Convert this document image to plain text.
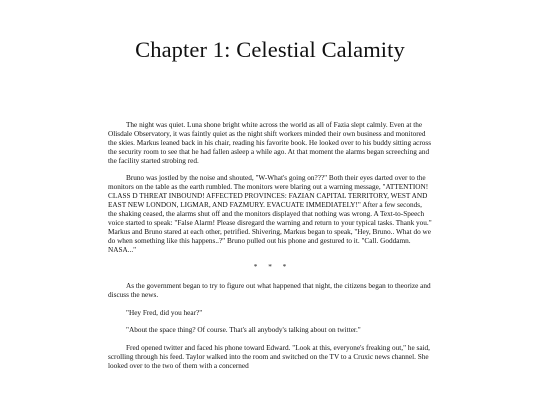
Chapter 1: Celestial Calamity

The night was quiet. Luna shone bright white across the world as all of Fazia slept calmly. Even at the Olisdale Observatory, it was faintly quiet as the night shift workers minded their own business and monitored the skies. Markus leaned back in his chair, reading his favorite book. He looked over to his buddy sitting across the security room to see that he had fallen asleep a while ago. At that moment the alarms began screeching and the facility started strobing red.

Bruno was jostled by the noise and shouted, "W-What's going on???" Both their eyes darted over to the monitors on the table as the earth rumbled. The monitors were blaring out a warning message, "ATTENTION! CLASS D THREAT INBOUND! AFFECTED PROVINCES: FAZIAN CAPITAL TERRITORY, WEST AND EAST NEW LONDON, LIGMAR, AND FAZMURY. EVACUATE IMMEDIATELY!" After a few seconds, the shaking ceased, the alarms shut off and the monitors displayed that nothing was wrong. A Text-to-Speech voice started to speak: "False Alarm! Please disregard the warning and return to your typical tasks. Thank you." Markus and Bruno stared at each other, petrified. Shivering, Markus began to speak, "Hey, Bruno.. What do we do when something like this happens..?" Bruno pulled out his phone and gestured to it. "Call. Goddamn. NASA..."

* * *

As the government began to try to figure out what happened that night, the citizens began to theorize and discuss the news.

"Hey Fred, did you hear?"

"About the space thing? Of course. That's all anybody's talking about on twitter."

Fred opened twitter and faced his phone toward Edward. "Look at this, everyone's freaking out," he said, scrolling through his feed. Taylor walked into the room and switched on the TV to a Cruxic news channel. She looked over to the two of them with a concerned
